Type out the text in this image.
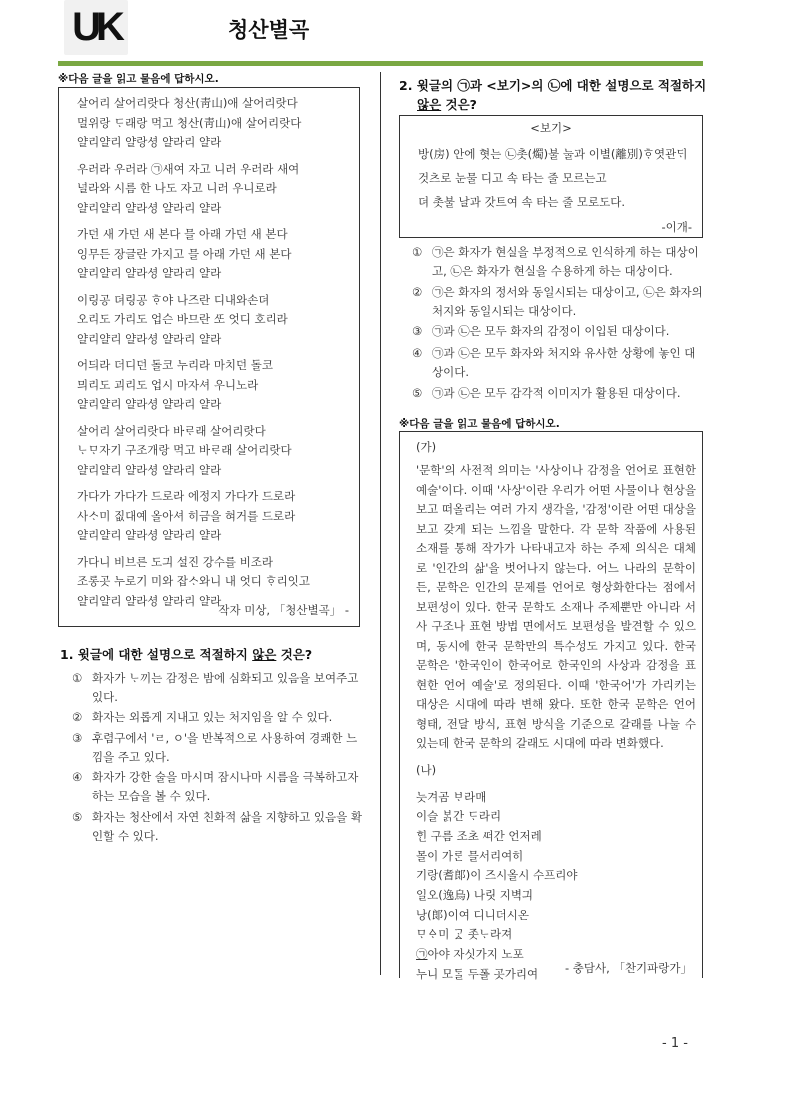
UK	청산별곡
※다음 글을 읽고 물음에 답하시오.
살어리 살어리랏다 청산(靑山)애 살어리랏다
멀위랑 ᄃᆞ래랑 먹고 청산(靑山)애 살어리랏다
얄리얄리 얄랑셩 얄라리 얄라
우러라 우러라 ㉠새여 자고 니러 우러라 새여
널라와 시름 한 나도 자고 니러 우니로라
얄리얄리 얄라셩 얄라리 얄라
가던 새 가던 새 본다 믈 아래 가던 새 본다
잉무든 장글란 가지고 믈 아래 가던 새 본다
얄리얄리 얄라셩 얄라리 얄라
이링공 뎌링공 ᄒᆞ야 나즈란 디내와손뎌
오리도 가리도 업슨 바므란 ᄯᅩ 엇디 호리라
얄리얄리 얄라셩 얄라리 얄라
어듸라 더디던 돌코 누리라 마치던 돌코
믜리도 괴리도 업시 마자셔 우니노라
얄리얄리 얄라셩 얄라리 얄라
살어리 살어리랏다 바ᄅᆞ래 살어리랏다
ᄂᆞᄆᆞ자기 구조개랑 먹고 바ᄅᆞ래 살어리랏다
얄리얄리 얄라셩 얄라리 얄라
가다가 가다가 드로라 에정지 가다가 드로라
사ᄉᆞ미 짒대예 올아셔 히금을 혀거를 드로라
얄리얄리 얄라셩 얄라리 얄라
가다니 비브른 도긔 설진 강수를 비조라
조롱곳 누로기 미와 잡ᄉᆞ와니 내 엇디 ᄒᆞ리잇고
얄리얄리 얄라셩 얄라리 얄라
작자 미상, 「청산별곡」 -
1. 윗글에 대한 설명으로 적절하지 않은 것은?
① 화자가 ᄂᆞ끼는 감정은 밤에 심화되고 있음을 보여주고 있다.
② 화자는 외롭게 지내고 있는 처지임을 알 수 있다.
③ 후렴구에서 'ㄹ, ㅇ'을 반복적으로 사용하여 경쾌한 느낌을 주고 있다.
④ 화자가 강한 술을 마시며 잠시나마 시름을 극복하고자 하는 모습을 볼 수 있다.
⑤ 화자는 청산에서 자연 친화적 삶을 지향하고 있음을 확인할 수 있다.
2. 윗글의 ㉠과 <보기>의 ㉡에 대한 설명으로 적절하지
않은 것은?
<보기>
방(房) 안에 혓는 ㉡촛(燭)불 눌과 이별(離別)ᄒᆞ엿관ᄃᆡ
것츠로 눈물 디고 속 타는 줄 모르는고
뎌 촛불 날과 갓트여 속 타는 줄 모로도다.
-이개-
① ㉠은 화자가 현실을 부정적으로 인식하게 하는 대상이고, ㉡은 화자가 현실을 수용하게 하는 대상이다.
② ㉠은 화자의 정서와 동일시되는 대상이고, ㉡은 화자의 처지와 동일시되는 대상이다.
③ ㉠과 ㉡은 모두 화자의 감정이 이입된 대상이다.
④ ㉠과 ㉡은 모두 화자와 처지와 유사한 상황에 놓인 대상이다.
⑤ ㉠과 ㉡은 모두 감각적 이미지가 활용된 대상이다.
※다음 글을 읽고 물음에 답하시오.
(가)
'문학'의 사전적 의미는 '사상이나 감정을 언어로 표현한 예술'이다. 이때 '사상'이란 우리가 어떤 사물이나 현상을 보고 떠올리는 여러 가지 생각을, '감정'이란 어떤 대상을 보고 갖게 되는 느낌을 말한다. 각 문학 작품에 사용된 소재를 통해 작가가 나타내고자 하는 주제 의식은 대체로 '인간의 삶'을 벗어나지 않는다. 어느 나라의 문학이든, 문학은 인간의 문제를 언어로 형상화한다는 점에서 보편성이 있다. 한국 문학도 소재나 주제뿐만 아니라 서사 구조나 표현 방법 면에서도 보편성을 발견할 수 있으며, 동시에 한국 문학만의 특수성도 가지고 있다. 한국 문학은 '한국인이 한국어로 한국인의 사상과 감정을 표현한 언어 예술'로 정의된다. 이때 '한국어'가 가리키는 대상은 시대에 따라 변해 왔다. 또한 한국 문학은 언어 형태, 전달 방식, 표현 방식을 기준으로 갈래를 나눌 수 있는데 한국 문학의 갈래도 시대에 따라 변화했다.
(나)
늣겨곰 ᄇᆞ라매
이슬 ᄇᆞᆰ간 ᄃᆞ라리
ᄒᆡᆫ 구름 조초 ᄯᅥ간 언저레
몰이 가ᄅᆞᆫ 믈서리여히
기랑(耆郞)이 즈시올시 수프리야
일오(逸烏) 나릿 지벽긔
낭(郞)이여 디니더시온
ᄆᆞᅀᆞ미 ᄀᆞᇫ 좃ᄂᆞ라져
㉠아야 자싯가지 노포
누니 모ᄃᆞᆯ 두폴 곳가리여	- 충담사, 「찬기파랑가」
- 1 -
